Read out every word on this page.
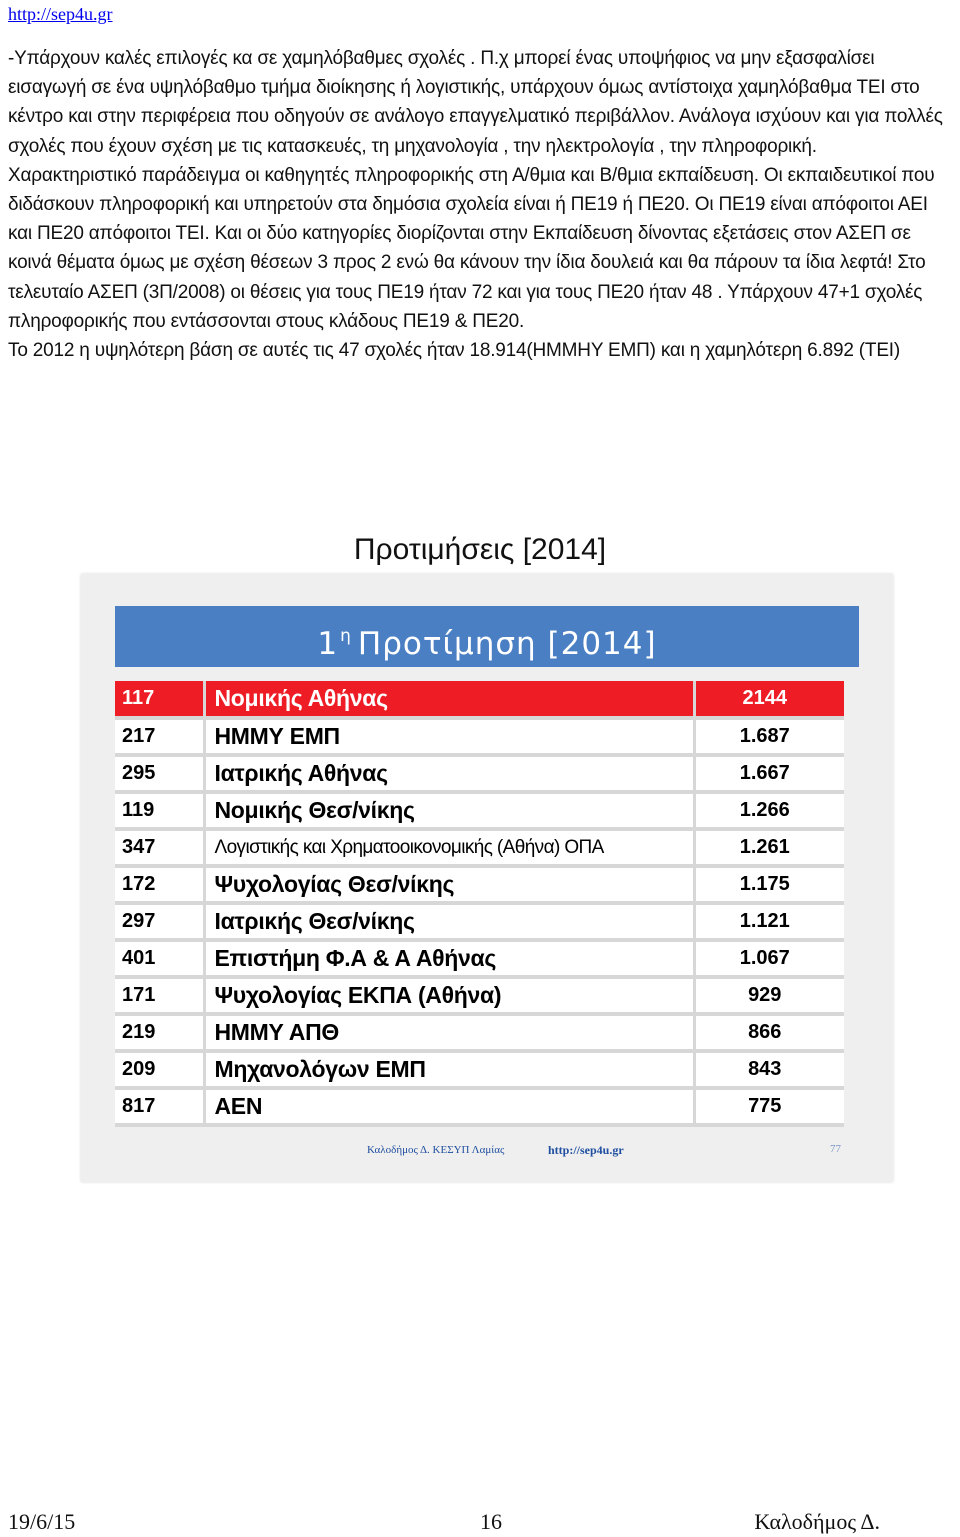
http://sep4u.gr

-Υπάρχουν καλές επιλογές κα σε χαμηλόβαθμες σχολές . Π.χ μπορεί ένας υποψήφιος να μην εξασφαλίσει εισαγωγή σε ένα υψηλόβαθμο τμήμα διοίκησης ή λογιστικής, υπάρχουν όμως αντίστοιχα χαμηλόβαθμα ΤΕΙ στο κέντρο και στην περιφέρεια που οδηγούν σε ανάλογο επαγγελματικό περιβάλλον. Ανάλογα ισχύουν και για πολλές σχολές που έχουν σχέση με τις κατασκευές, τη μηχανολογία , την ηλεκτρολογία , την πληροφορική.

Χαρακτηριστικό παράδειγμα οι καθηγητές πληροφορικής στη Α/θμια και Β/θμια εκπαίδευση. Οι εκπαιδευτικοί που διδάσκουν πληροφορική και υπηρετούν στα δημόσια σχολεία είναι ή ΠΕ19 ή ΠΕ20. Οι ΠΕ19 είναι απόφοιτοι ΑΕΙ και ΠΕ20 απόφοιτοι ΤΕΙ. Και οι δύο κατηγορίες διορίζονται στην Εκπαίδευση δίνοντας εξετάσεις στον ΑΣΕΠ σε κοινά θέματα όμως με σχέση θέσεων 3 προς 2 ενώ θα κάνουν την ίδια δουλειά και θα πάρουν τα ίδια λεφτά! Στο τελευταίο ΑΣΕΠ (3Π/2008) οι θέσεις για τους ΠΕ19 ήταν 72 και για τους ΠΕ20 ήταν 48 . Υπάρχουν 47+1 σχολές πληροφορικής που εντάσσονται στους κλάδους ΠΕ19 & ΠΕ20.

Το 2012 η υψηλότερη βάση σε αυτές τις 47 σχολές ήταν 18.914(ΗΜΜΗΥ ΕΜΠ) και η χαμηλότερη 6.892 (ΤΕΙ)

Προτιμήσεις [2014]
1 $^\eta$ Προτίμηση [2014]
117	Νομικής Αθήνας	2144
217	ΗΜΜΥ ΕΜΠ	1.687
295	Ιατρικής Αθήνας	1.667
119	Νομικής Θεσ/νίκης	1.266
347	Λογιστικής και Χρηματοοικονομικής (Αθήνα) ΟΠΑ	1.261
172	Ψυχολογίας Θεσ/νίκης	1.175
297	Ιατρικής Θεσ/νίκης	1.121
401	Επιστήμη Φ.Α & Α Αθήνας	1.067
171	Ψυχολογίας ΕΚΠΑ (Αθήνα)	929
219	ΗΜΜΥ ΑΠΘ	866
209	Μηχανολόγων ΕΜΠ	843
817	ΑΕΝ	775
Καλοδήμος Δ. ΚΕΣΥΠ Λαμίας	http://sep4u.gr	77
19/6/15	16	Καλοδήμος Δ.
